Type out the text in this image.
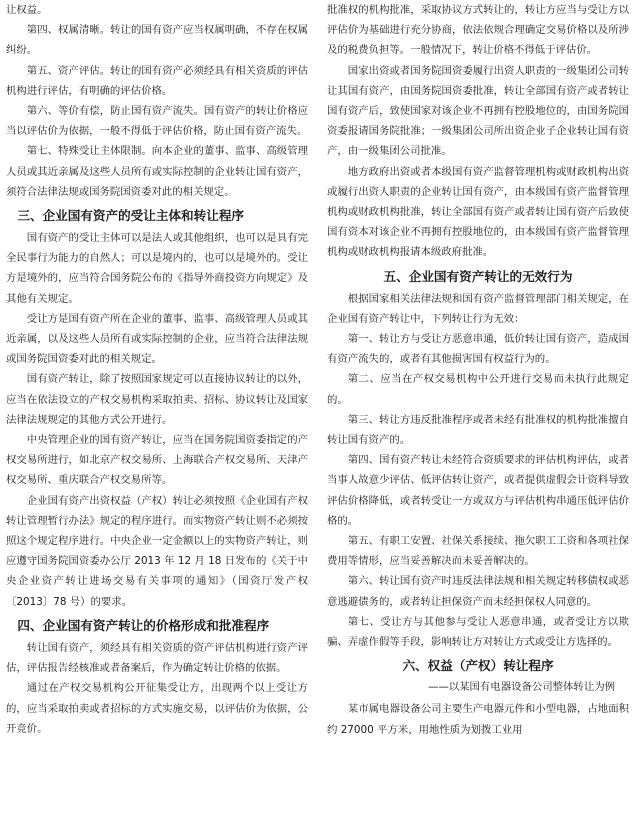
让权益。

第四、权属清晰。转让的国有资产应当权属明确，不存在权属纠纷。

第五、资产评估。转让的国有资产必须经具有相关资质的评估机构进行评估，有明确的评估价格。

第六、等价有偿，防止国有资产流失。国有资产的转让价格应当以评估价为依据，一般不得低于评估价格，防止国有资产流失。

第七、特殊受让主体限制。向本企业的董事、监事、高级管理人员或其近亲属及这些人员所有或实际控制的企业转让国有资产，须符合法律法规或国务院国资委对此的相关规定。

三、企业国有资产的受让主体和转让程序

国有资产的受让主体可以是法人或其他组织，也可以是具有完全民事行为能力的自然人；可以是境内的，也可以是境外的。受让方是境外的，应当符合国务院公布的《指导外商投资方向规定》及其他有关规定。

受让方是国有资产所在企业的董事、监事、高级管理人员或其近亲属，以及这些人员所有或实际控制的企业，应当符合法律法规或国务院国资委对此的相关规定。

国有资产转让，除了按照国家规定可以直接协议转让的以外，应当在依法设立的产权交易机构采取拍卖、招标、协议转让及国家法律法规规定的其他方式公开进行。

中央管理企业的国有资产转让，应当在国务院国资委指定的产权交易所进行，如北京产权交易所、上海联合产权交易所、天津产权交易所、重庆联合产权交易所等。

企业国有资产出资权益（产权）转让必须按照《企业国有产权转让管理暂行办法》规定的程序进行。而实物资产转让则不必须按照这个规定程序进行。中央企业一定金额以上的实物资产转让，则应遵守国务院国资委办公厅 2013 年 12 月 18 日发布的《关于中央企业资产转让进场交易有关事项的通知》（国资厅发产权〔2013〕78 号）的要求。

四、企业国有资产转让的价格形成和批准程序

转让国有资产，须经具有相关资质的资产评估机构进行资产评估，评估报告经核准或者备案后，作为确定转让价格的依据。

通过在产权交易机构公开征集受让方，出现两个以上受让方的，应当采取拍卖或者招标的方式实施交易，以评估价为依据，公开竞价。

批准权的机构批准，采取协议方式转让的，转让方应当与受让方以评估价为基础进行充分协商，依法依规合理确定交易价格以及所涉及的税费负担等。一般情况下，转让价格不得低于评估价。

国家出资或者国务院国资委履行出资人职责的一级集团公司转让其国有资产，由国务院国资委批准，转让全部国有资产或者转让国有资产后，致使国家对该企业不再拥有控股地位的，由国务院国资委报请国务院批准；一级集团公司所出资企业子企业转让国有资产，由一级集团公司批准。

地方政府出资或者本级国有资产监督管理机构或财政机构出资或履行出资人职责的企业转让国有资产，由本级国有资产监督管理机构或财政机构批准，转让全部国有资产或者转让国有资产后致使国有资本对该企业不再拥有控股地位的，由本级国有资产监督管理机构或财政机构报请本级政府批准。

五、企业国有资产转让的无效行为

根据国家相关法律法规和国有资产监督管理部门相关规定，在企业国有资产转让中，下列转让行为无效：

第一、转让方与受让方恶意串通，低价转让国有资产，造成国有资产流失的，或者有其他损害国有权益行为的。

第二、应当在产权交易机构中公开进行交易而未执行此规定的。

第三、转让方违反批准程序或者未经有批准权的机构批准擅自转让国有资产的。

第四、国有资产转让未经符合资质要求的评估机构评估，或者当事人故意少评估、低评估转让资产，或者提供虚假会计资料导致评估价格降低，或者转受让一方或双方与评估机构串通压低评估价格的。

第五、有职工安置、社保关系接续、拖欠职工工资和各项社保费用等情形，应当妥善解决而未妥善解决的。

第六、转让国有资产时违反法律法规和相关规定转移债权或恶意逃避债务的，或者转让担保资产而未经担保权人同意的。

第七、受让方与其他参与受让人恶意串通，或者受让方以欺骗、弄虚作假等手段，影响转让方对转让方式或受让方选择的。

六、权益（产权）转让程序
——以某国有电器设备公司整体转让为例

某市属电器设备公司主要生产电器元件和小型电器，占地面积约 27000 平方米，用地性质为划拨工业用
